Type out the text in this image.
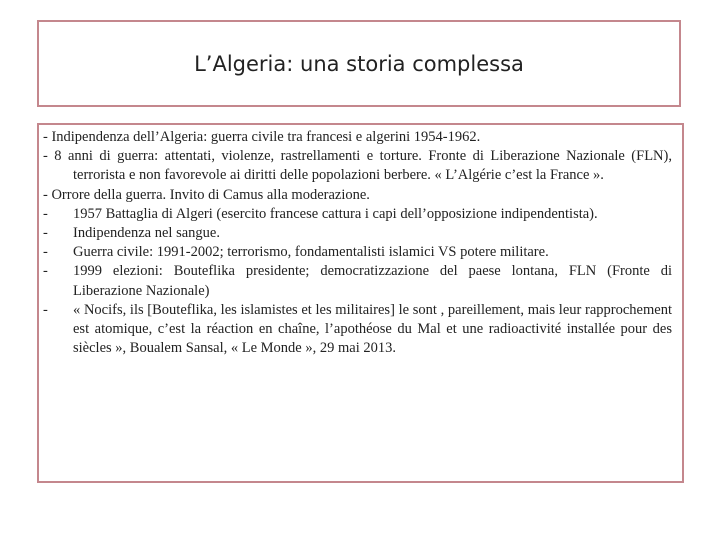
L’Algeria: una storia complessa

- Indipendenza dell’Algeria: guerra civile tra francesi e algerini 1954-1962.

- 8 anni di guerra: attentati, violenze, rastrellamenti e torture. Fronte di Liberazione Nazionale (FLN), terrorista e non favorevole ai diritti delle popolazioni berbere. « L’Algérie c’est la France ».

- Orrore della guerra. Invito di Camus alla moderazione.

- 1957 Battaglia di Algeri (esercito francese cattura i capi dell’opposizione indipendentista).
- Indipendenza nel sangue.
- Guerra civile: 1991-2002; terrorismo, fondamentalisti islamici VS potere militare.
- 1999 elezioni: Bouteflika presidente; democratizzazione del paese lontana, FLN (Fronte di Liberazione Nazionale)
- « Nocifs, ils [Bouteflika, les islamistes et les militaires] le sont , pareillement, mais leur rapprochement est atomique, c’est la réaction en chaîne, l’apothéose du Mal et une radioactivité installée pour des siècles », Boualem Sansal, « Le Monde », 29 mai 2013.
